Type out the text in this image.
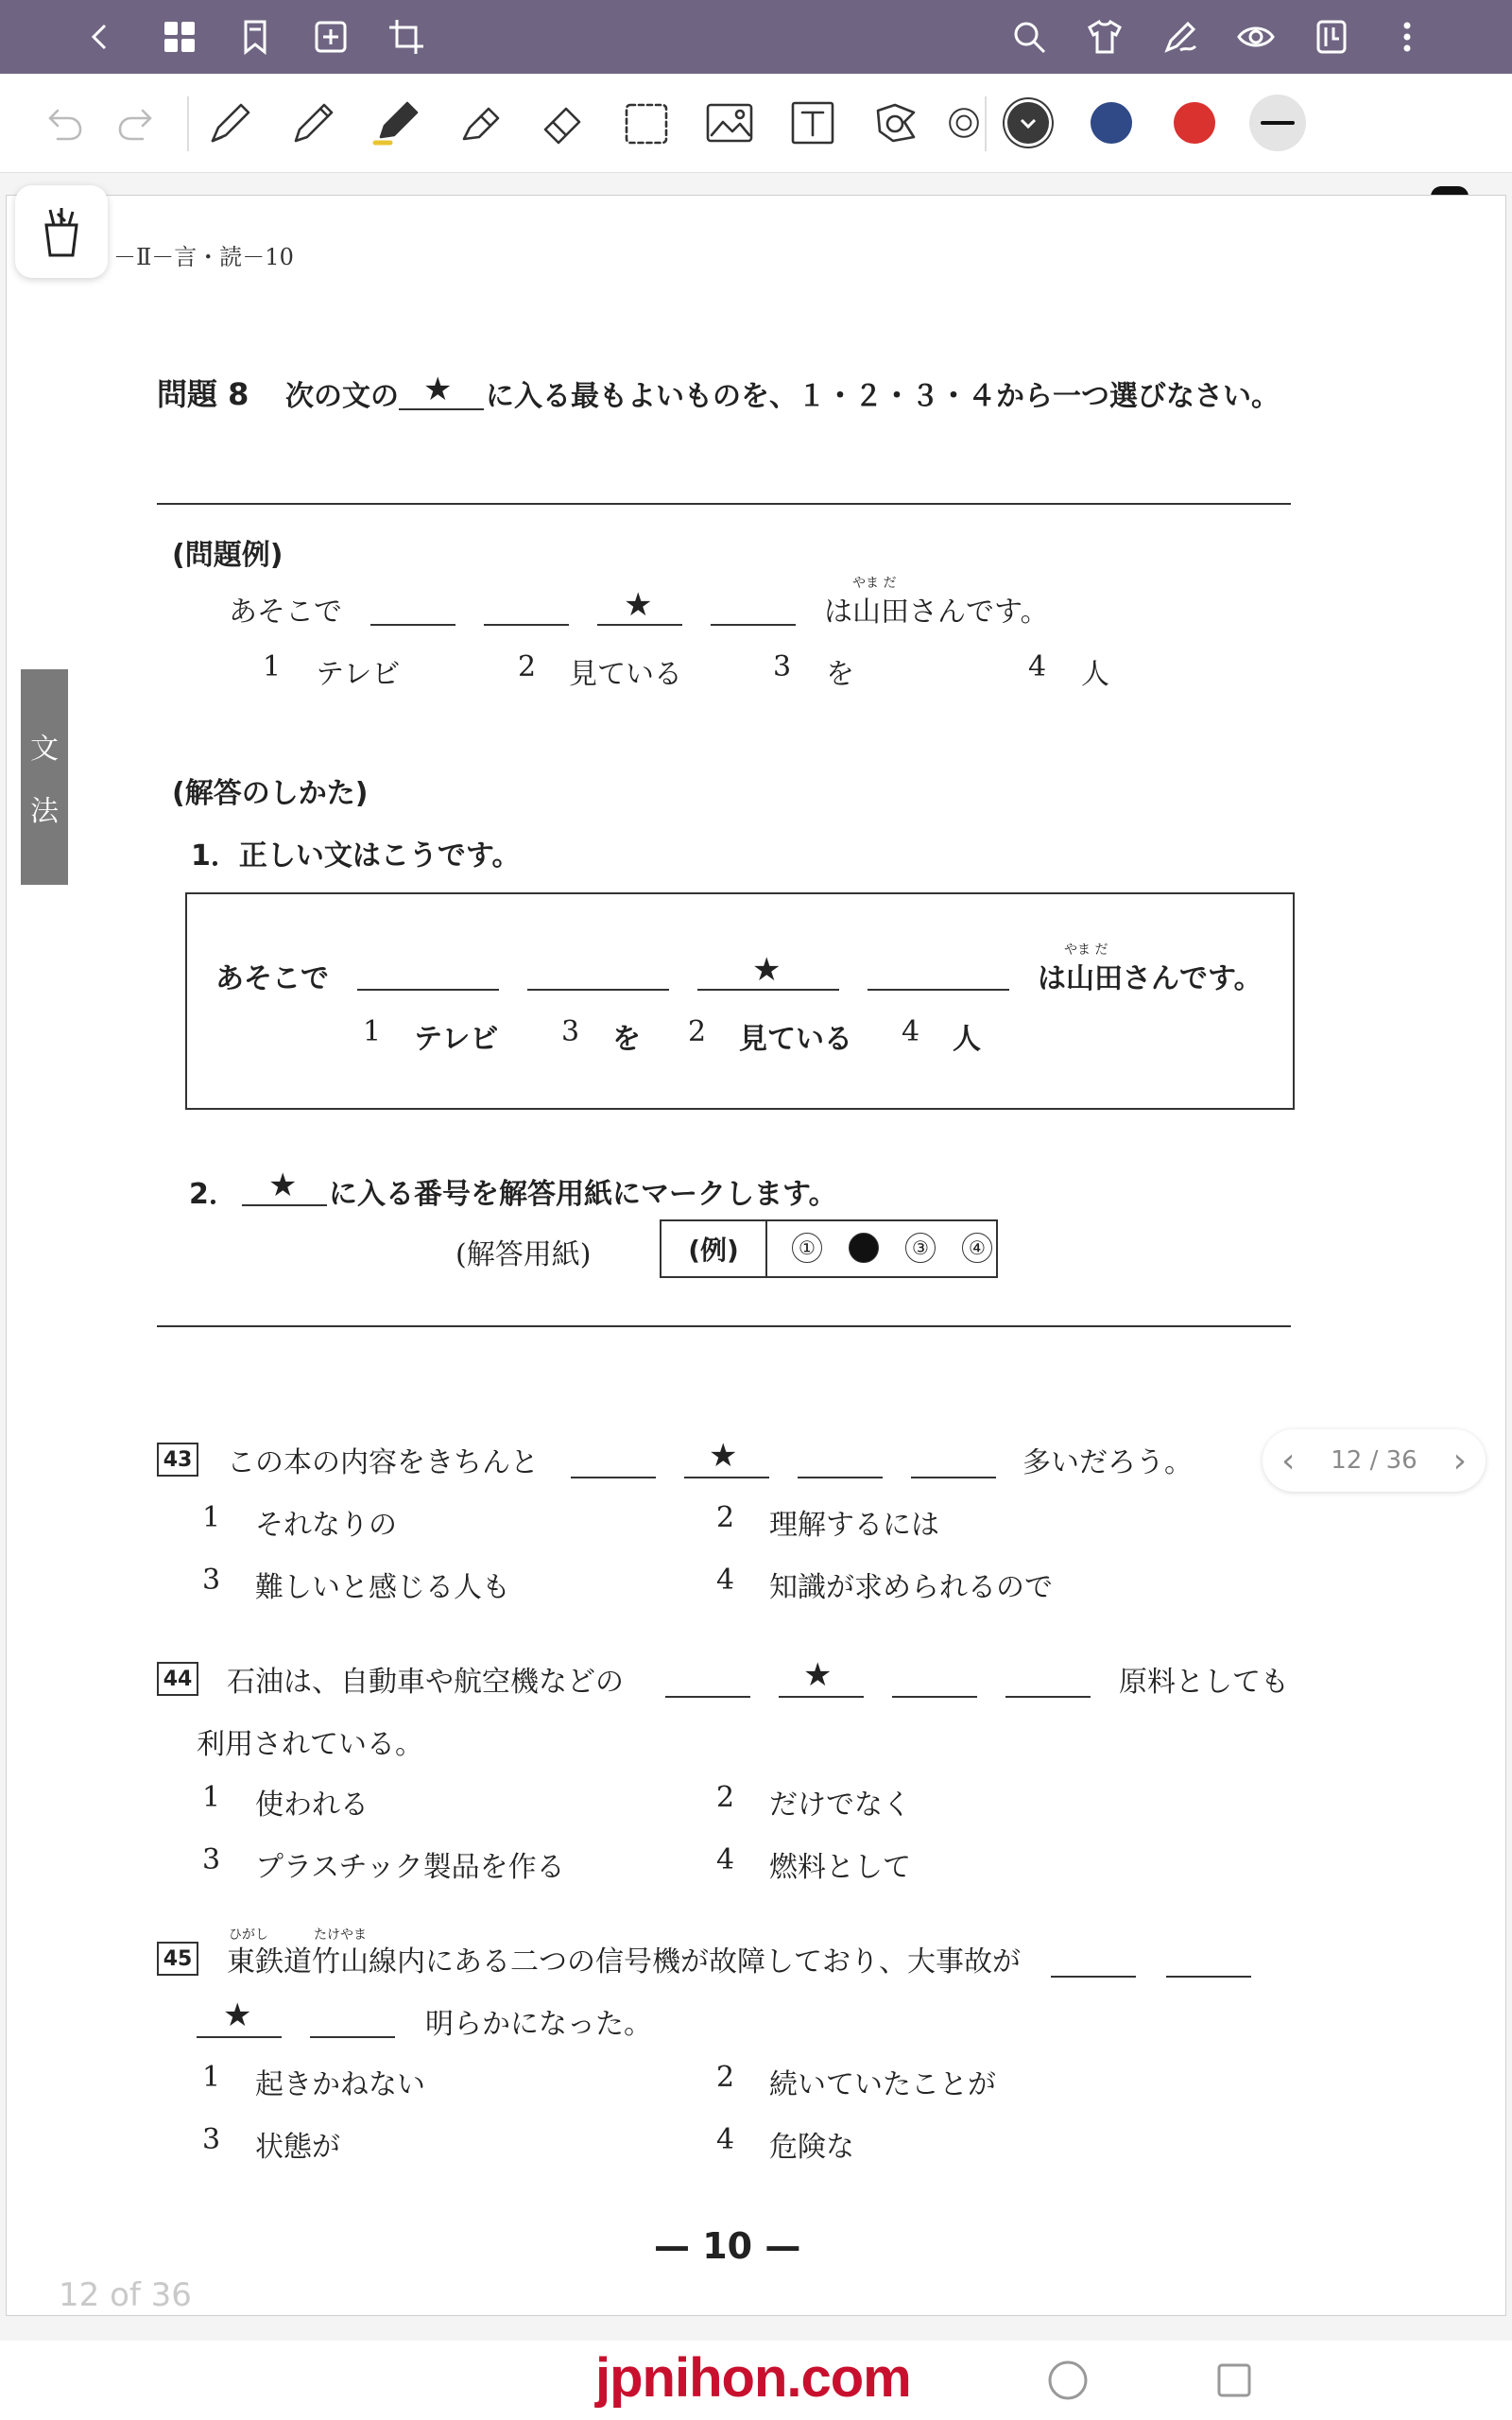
－Ⅱ－言・読－10
文
法
問題 8 次の文の ★ に入る最もよいものを、１・２・３・４から一つ選びなさい。
(問題例)
あそこで	★
やま だ
は山田さんです。
1 テレビ	2 見ている	3 を	4 人
(解答のしかた)
1．正しい文はこうです。
あそこで	★
やま だ
は山田さんです。
1 テレビ 3 を 2 見ている 4 人
2． ★ に入る番号を解答用紙にマークします。
(解答用紙)	(例)	①	③	④
43 この本の内容をきちんと	★	多いだろう。
1 それなりの	2 理解するには
3 難しいと感じる人も	4 知識が求められるので
44 石油は、自動車や航空機などの	★	原料としても
利用されている。
1 使われる	2 だけでなく
3 プラスチック製品を作る	4 燃料として
45
ひがし	たけやま
東鉄道竹山線内にある二つの信号機が故障しており、大事故が
★	明らかになった。
1 起きかねない	2 続いていたことが
3 状態が	4 危険な
— 10 —
12 of 36
‹ 12 / 36 ›
jpnihon.com
